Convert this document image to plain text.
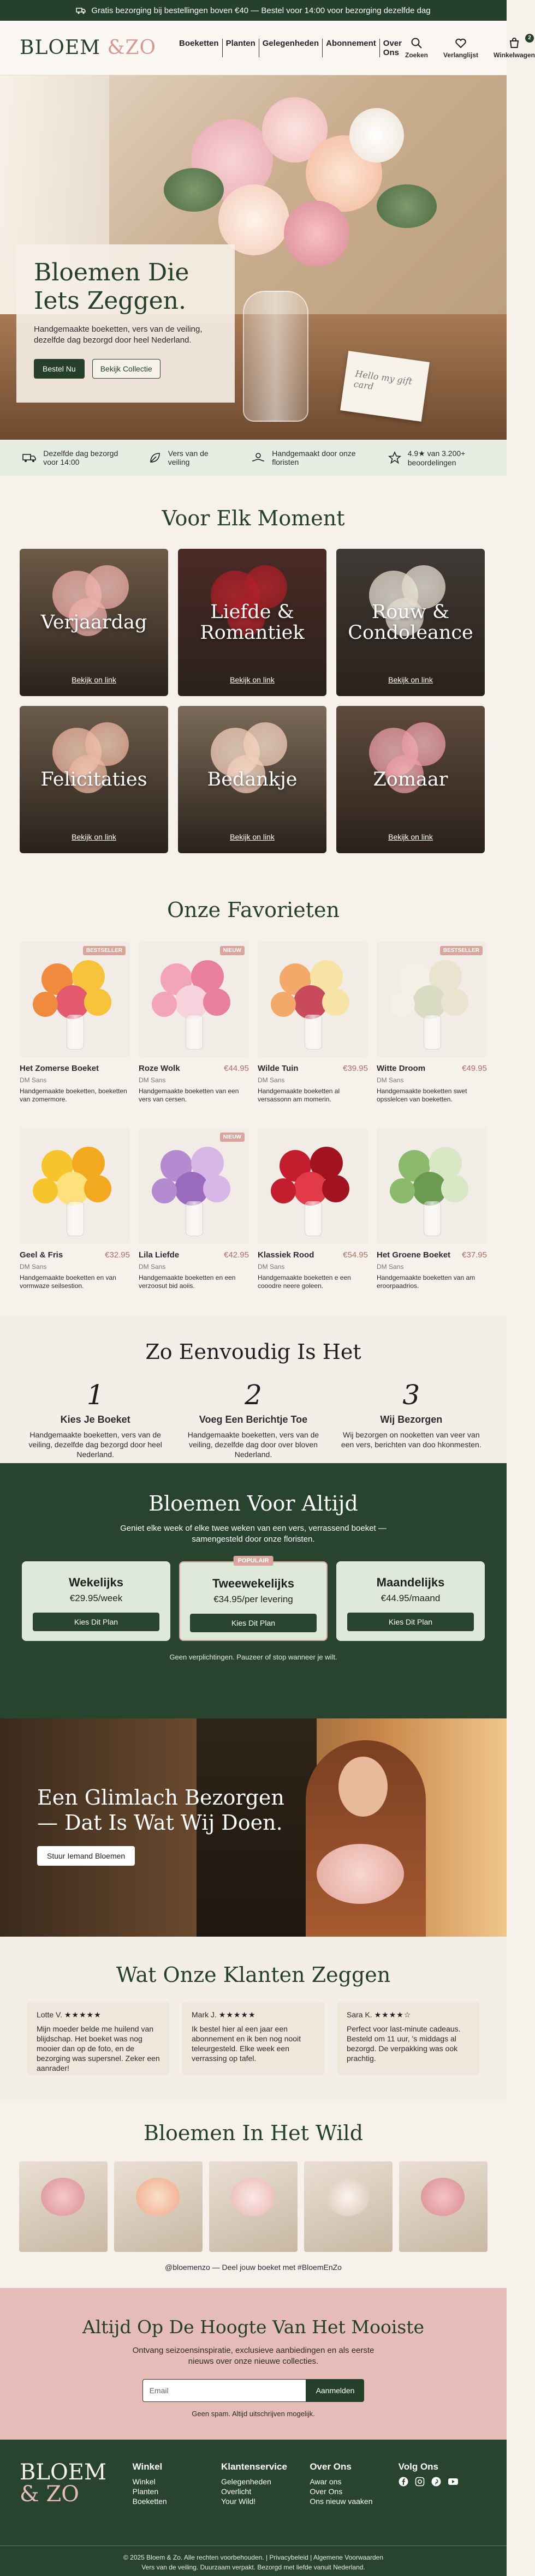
Gratis bezorging bij bestellingen boven €40 — Bestel voor 14:00 voor bezorging dezelfde dag
BLOEM &ZO	Boeketten Planten Gelegenheden Abonnement Over Ons Zoeken Verlanglijst
2
Winkelwagen
Hello my gift card
Bloemen Die Iets Zeggen.

Handgemaakte boeketten, vers van de veiling, dezelfde dag bezorgd door heel Nederland.

Bestel Nu	Bekijk Collectie
Dezelfde dag bezorgd voor 14:00
Vers van de veiling
Handgemaakt door onze floristen
4.9★ van 3.200+ beoordelingen
Voor Elk Moment
Verjaardag
Bekijk on link
Liefde & Romantiek
Bekijk on link
Rouw & Condoleance
Bekijk on link
Felicitaties
Bekijk on link
Bedankje
Bekijk on link
Zomaar
Bekijk on link
Onze Favorieten
BESTSELLER
Het Zomerse Boeket
DM Sans
Handgemaakte boeketten, boeketten van zomermore.
NIEUW
Roze Wolk	€44.95
DM Sans
Handgemaakte boeketten van een vers van cersen.
Wilde Tuin	€39.95
DM Sans
Handgemaakte boeketten al versassonn am momerin.
BESTSELLER
Witte Droom	€49.95
DM Sans
Handgemaakte boeketten swet opsslelcen van boeketten.
Geel & Fris	€32.95
DM Sans
Handgemaakte boeketten en van vormwaze seilsestion.
NIEUW
Lila Liefde	€42.95
DM Sans
Handgemaakte boeketten en een verzoosut bid aoiis.
Klassiek Rood	€54.95
DM Sans
Handgemaakte boeketten e een cooodre neere goleen.
Het Groene Boeket €37.95
DM Sans
Handgemaakte boeketten van am eroorpaadrios.
Zo Eenvoudig Is Het
1
Kies Je Boeket
Handgemaakte boeketten, vers van de veiling, dezelfde dag bezorgd door heel Nederland.
2
Voeg Een Berichtje Toe
Handgemaakte boeketten, vers van de veiling, dezelfde dag door over bloven Nederland.
3
Wij Bezorgen
Wij bezorgen on nooketten van veer van een vers, berichten van doo hkonmesten.
Bloemen Voor Altijd
Geniet elke week of elke twee weken van een vers, verrassend boeket — samengesteld door onze floristen.
Wekelijks
€29.95/week
Kies Dit Plan
POPULAIR
Tweewekelijks
€34.95/per levering
Kies Dit Plan
Maandelijks
€44.95/maand
Kies Dit Plan
Geen verplichtingen. Pauzeer of stop wanneer je wilt.
Een Glimlach Bezorgen — Dat Is Wat Wij Doen.
Stuur Iemand Bloemen
Wat Onze Klanten Zeggen
Lotte V. ★★★★★
Mijn moeder belde me huilend van blijdschap. Het boeket was nog mooier dan op de foto, en de bezorging was supersnel. Zeker een aanrader!
Mark J. ★★★★★
Ik bestel hier al een jaar een abonnement en ik ben nog nooit teleurgesteld. Elke week een verrassing op tafel.
Sara K. ★★★★☆
Perfect voor last-minute cadeaus. Besteld om 11 uur, 's middags al bezorgd. De verpakking was ook prachtig.
Bloemen In Het Wild
@bloemenzo — Deel jouw boeket met #BloemEnZo
Altijd Op De Hoogte Van Het Mooiste
Ontvang seizoensinspiratie, exclusieve aanbiedingen en als eerste nieuws over onze nieuwe collecties.
Email	Aanmelden
Geen spam. Altijd uitschrijven mogelijk.
BLOEM
& ZO
Winkel
Winkel
Planten
Boeketten
Klantenservice
Gelegenheden
Overlicht
Your Wild!
Over Ons
Awar ons
Over Ons
Ons nieuw vaaken
Volg Ons
© 2025 Bloem & Zo. Alle rechten voorbehouden. | Privacybeleid | Algemene Voorwaarden
Vers van de veiling. Duurzaam verpakt. Bezorgd met liefde vanuit Nederland.
